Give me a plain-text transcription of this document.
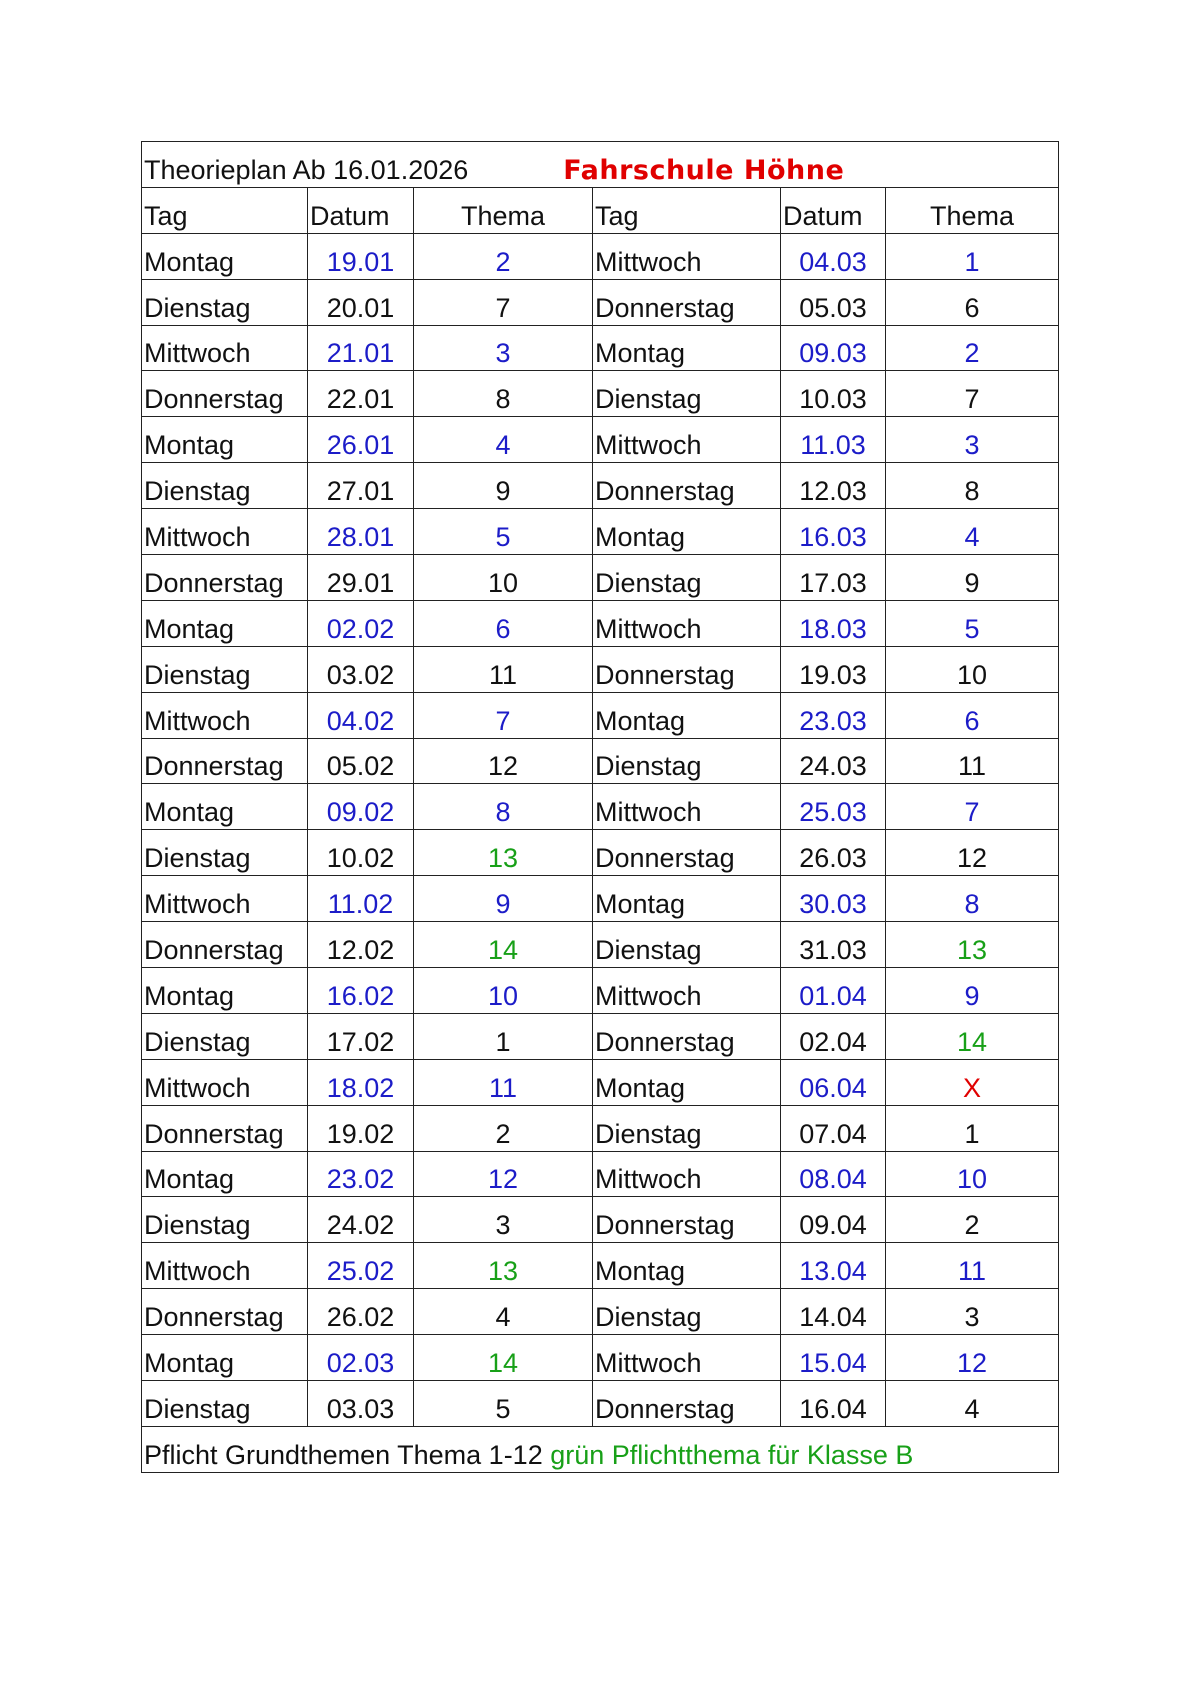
Theorieplan Ab 16.01.2026 Fahrschule Höhne					
Tag	Datum	Thema	Tag	Datum	Thema
Montag	19.01	2	Mittwoch	04.03	1
Dienstag	20.01	7	Donnerstag	05.03	6
Mittwoch	21.01	3	Montag	09.03	2
Donnerstag	22.01	8	Dienstag	10.03	7
Montag	26.01	4	Mittwoch	11.03	3
Dienstag	27.01	9	Donnerstag	12.03	8
Mittwoch	28.01	5	Montag	16.03	4
Donnerstag	29.01	10	Dienstag	17.03	9
Montag	02.02	6	Mittwoch	18.03	5
Dienstag	03.02	11	Donnerstag	19.03	10
Mittwoch	04.02	7	Montag	23.03	6
Donnerstag	05.02	12	Dienstag	24.03	11
Montag	09.02	8	Mittwoch	25.03	7
Dienstag	10.02	13	Donnerstag	26.03	12
Mittwoch	11.02	9	Montag	30.03	8
Donnerstag	12.02	14	Dienstag	31.03	13
Montag	16.02	10	Mittwoch	01.04	9
Dienstag	17.02	1	Donnerstag	02.04	14
Mittwoch	18.02	11	Montag	06.04	X
Donnerstag	19.02	2	Dienstag	07.04	1
Montag	23.02	12	Mittwoch	08.04	10
Dienstag	24.02	3	Donnerstag	09.04	2
Mittwoch	25.02	13	Montag	13.04	11
Donnerstag	26.02	4	Dienstag	14.04	3
Montag	02.03	14	Mittwoch	15.04	12
Dienstag	03.03	5	Donnerstag	16.04	4
Pflicht Grundthemen Thema 1-12 grün Pflichtthema für Klasse B					
